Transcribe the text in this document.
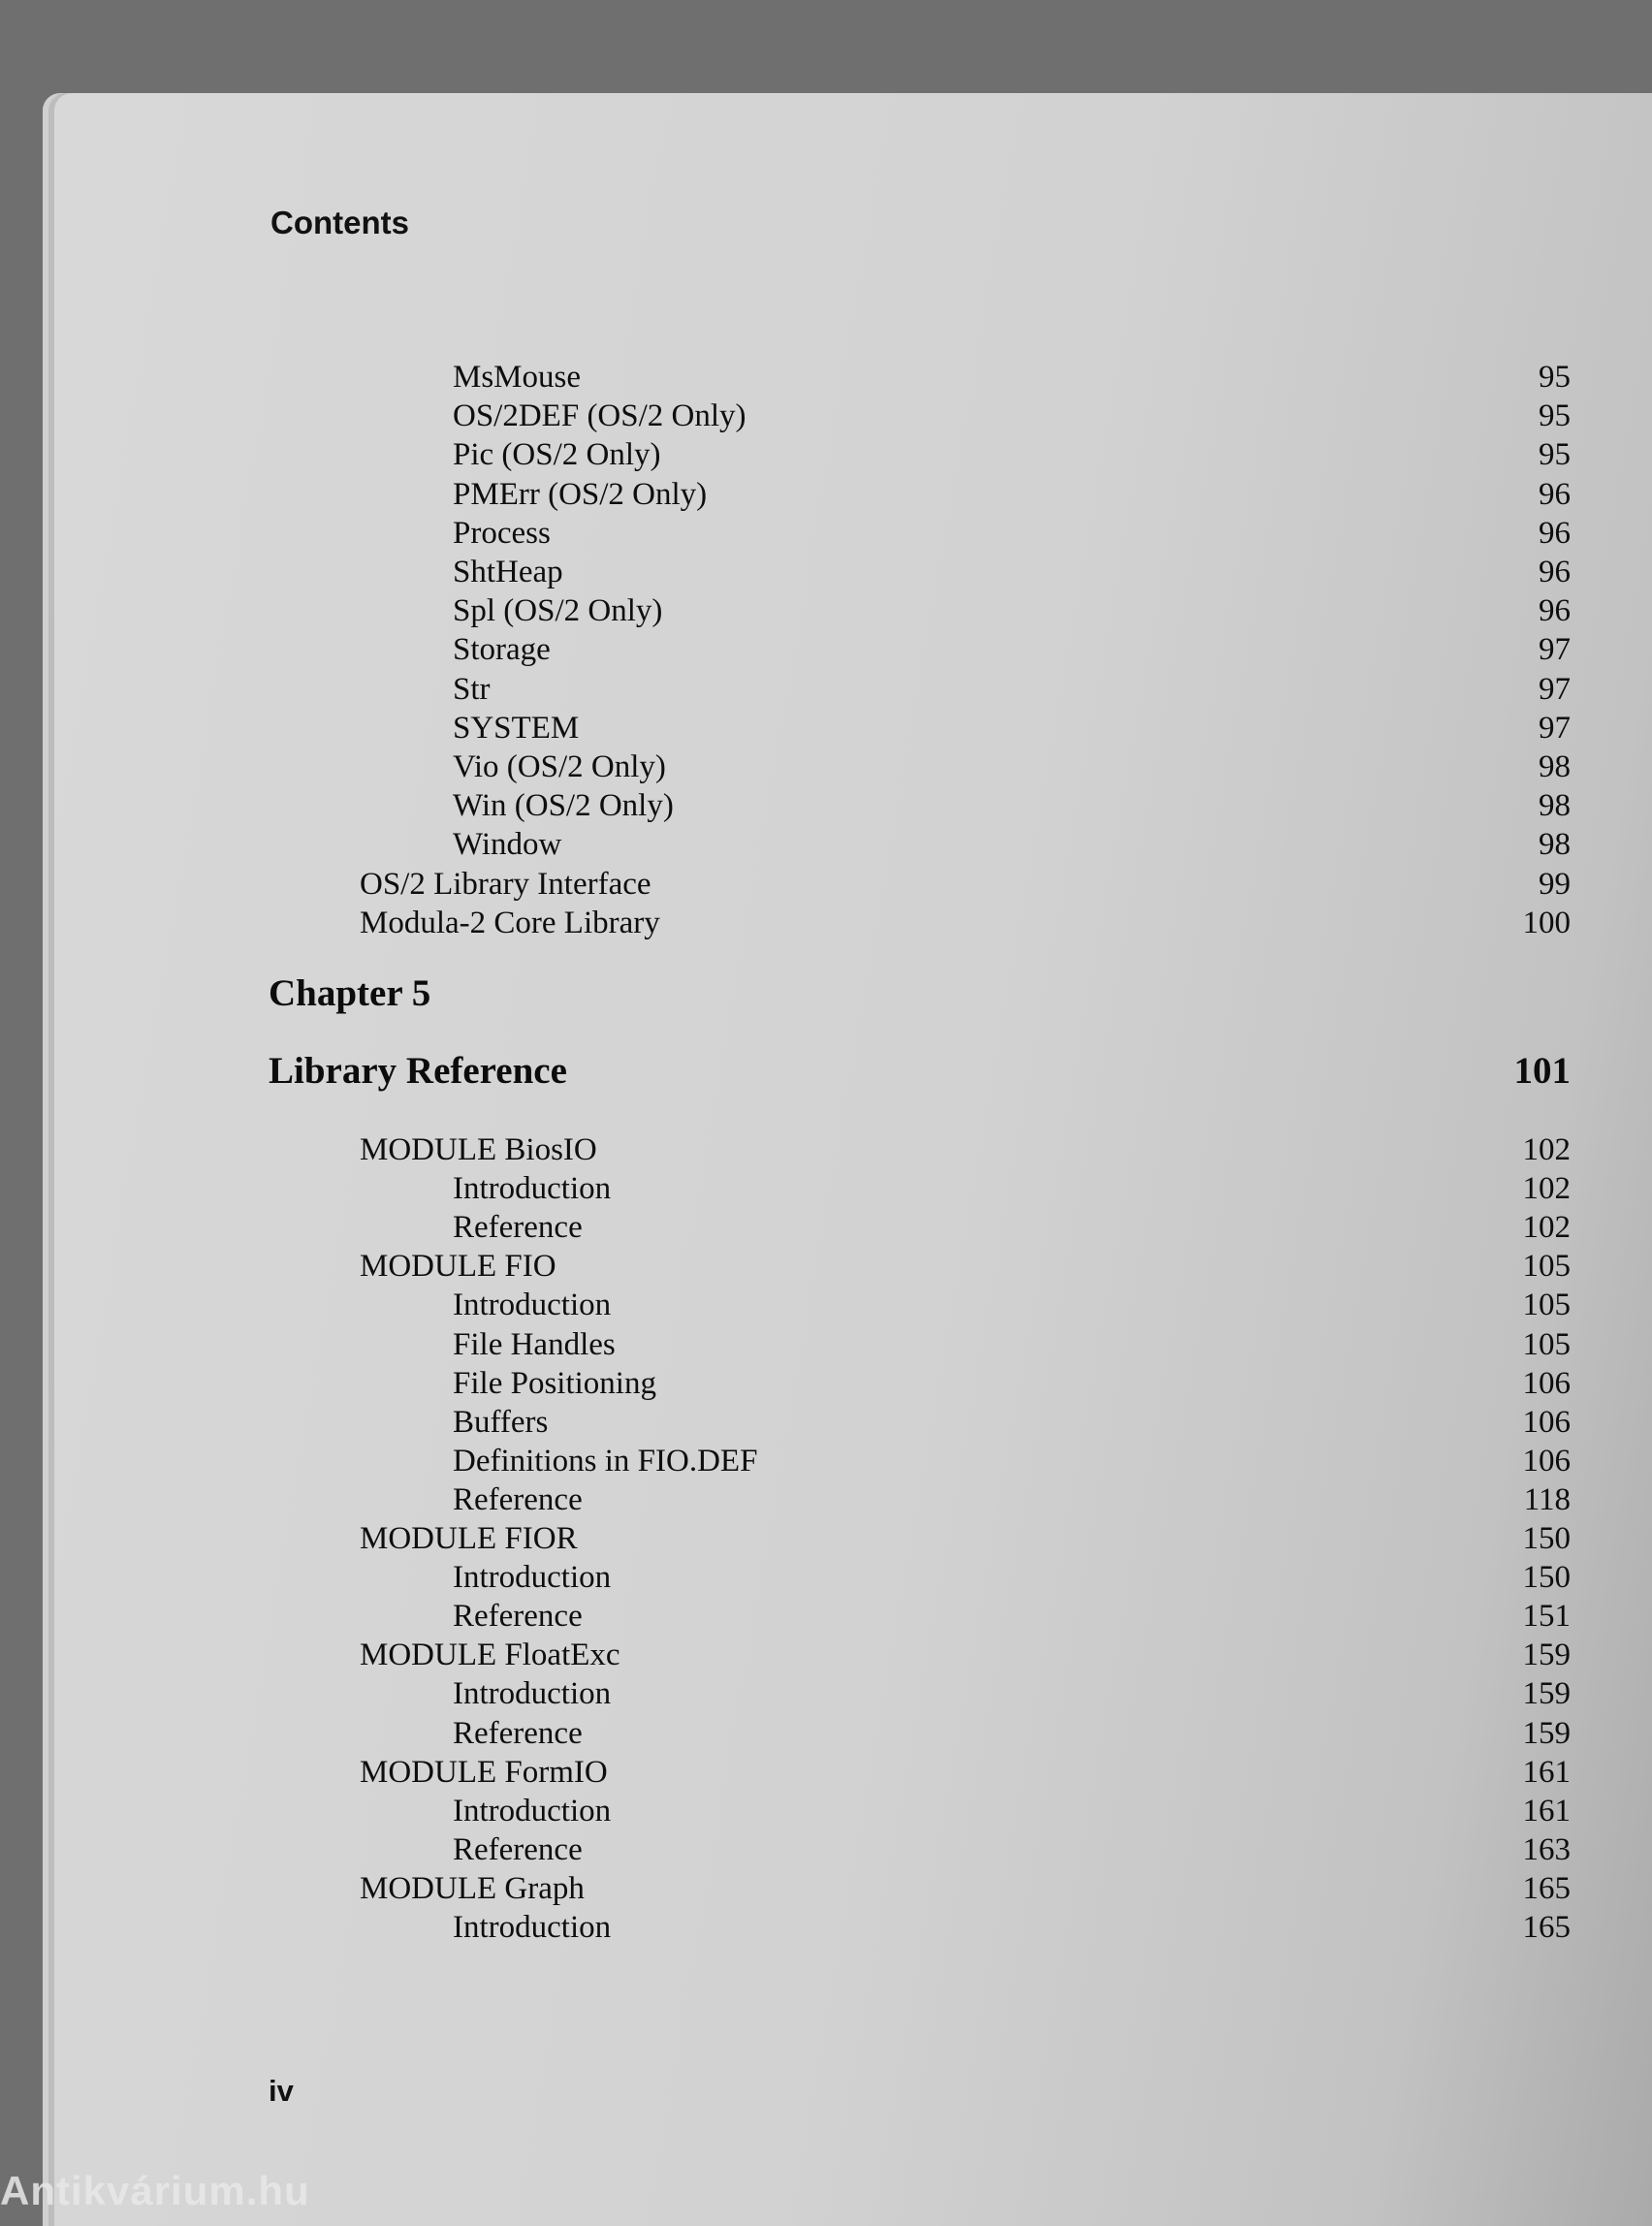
Contents
MsMouse	95
OS/2DEF (OS/2 Only)	95
Pic (OS/2 Only)	95
PMErr (OS/2 Only)	96
Process	96
ShtHeap	96
Spl (OS/2 Only)	96
Storage	97
Str	97
SYSTEM	97
Vio (OS/2 Only)	98
Win (OS/2 Only)	98
Window	98
OS/2 Library Interface	99
Modula-2 Core Library	100
Chapter 5
Library Reference	101
MODULE BiosIO	102
Introduction	102
Reference	102
MODULE FIO	105
Introduction	105
File Handles	105
File Positioning	106
Buffers	106
Definitions in FIO.DEF	106
Reference	118
MODULE FIOR	150
Introduction	150
Reference	151
MODULE FloatExc	159
Introduction	159
Reference	159
MODULE FormIO	161
Introduction	161
Reference	163
MODULE Graph	165
Introduction	165
iv
Antikvárium.hu
